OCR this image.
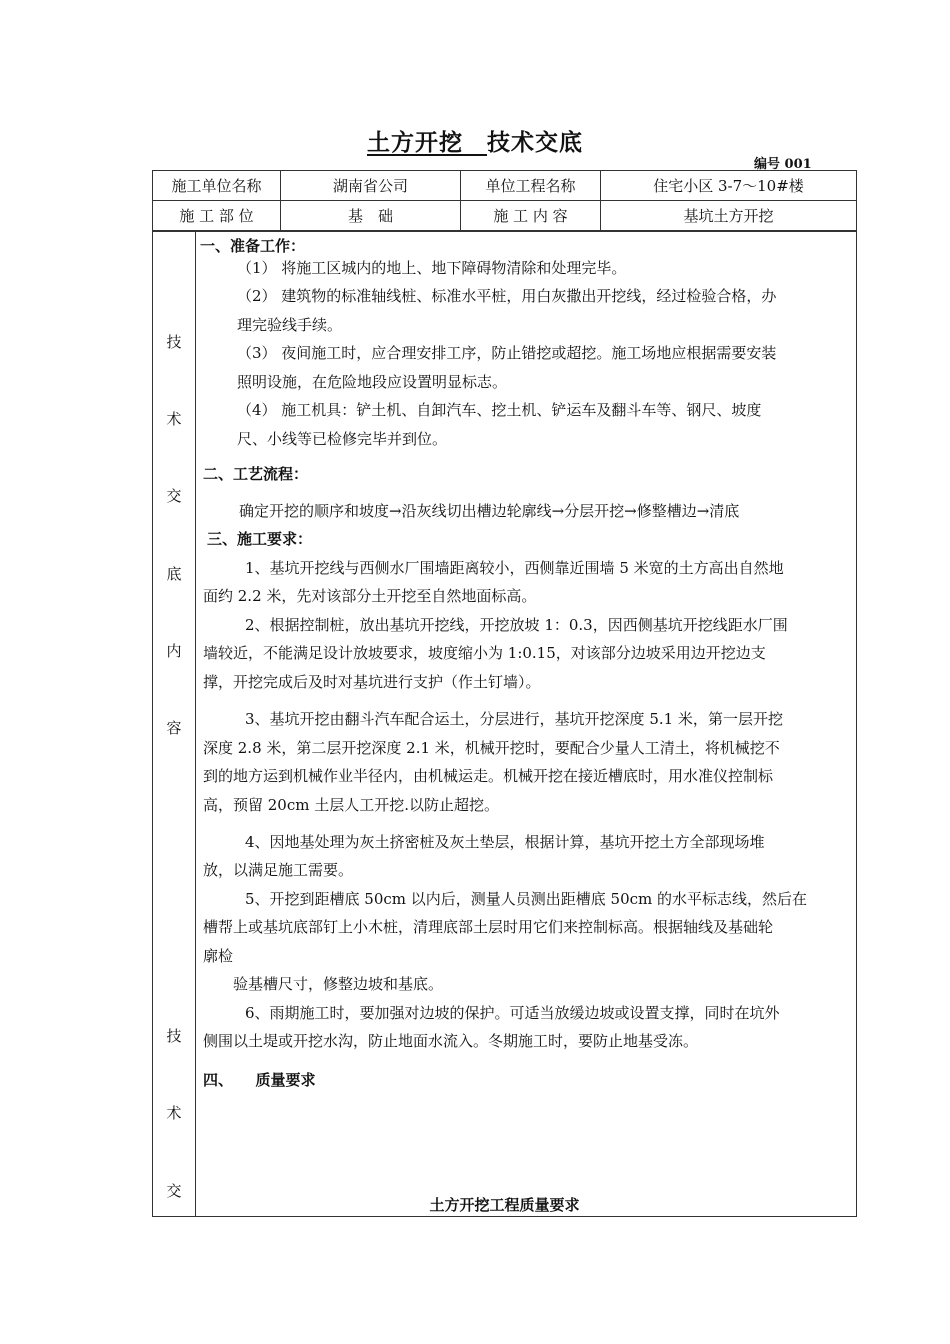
土方开挖　 技术交底
编号 001
施工单位名称	湖南省公司	单位工程名称	住宅小区 3-7～10#楼
施 工 部 位	基　础	施 工 内 容	基坑土方开挖
技
术
交
底
内
容
技
术
交
一、准备工作：
（1） 将施工区城内的地上、地下障碍物清除和处理完毕。
（2） 建筑物的标准轴线桩、标准水平桩，用白灰撒出开挖线，经过检验合格，办
理完验线手续。
（3） 夜间施工时，应合理安排工序，防止错挖或超挖。施工场地应根据需要安装
照明设施，在危险地段应设置明显标志。
（4） 施工机具：铲土机、自卸汽车、挖土机、铲运车及翻斗车等、钢尺、坡度
尺、小线等已检修完毕并到位。
二、工艺流程：
确定开挖的顺序和坡度→沿灰线切出槽边轮廓线→分层开挖→修整槽边→清底
三、施工要求：
1、基坑开挖线与西侧水厂围墙距离较小，西侧靠近围墙 5 米宽的土方高出自然地
面约 2.2 米，先对该部分土开挖至自然地面标高。
2、根据控制桩，放出基坑开挖线，开挖放坡 1：0.3，因西侧基坑开挖线距水厂围
墙较近，不能满足设计放坡要求，坡度缩小为 1:0.15，对该部分边坡采用边开挖边支
撑，开挖完成后及时对基坑进行支护（作土钉墙）。
3、基坑开挖由翻斗汽车配合运土，分层进行，基坑开挖深度 5.1 米，第一层开挖
深度 2.8 米，第二层开挖深度 2.1 米，机械开挖时，要配合少量人工清土，将机械挖不
到的地方运到机械作业半径内，由机械运走。机械开挖在接近槽底时，用水准仪控制标
高，预留 20cm 土层人工开挖.以防止超挖。
4、因地基处理为灰土挤密桩及灰土垫层，根据计算，基坑开挖土方全部现场堆
放，以满足施工需要。
5、开挖到距槽底 50cm 以内后，测量人员测出距槽底 50cm 的水平标志线，然后在
槽帮上或基坑底部钉上小木桩，清理底部土层时用它们来控制标高。根据轴线及基础轮
廓检
验基槽尺寸，修整边坡和基底。
6、雨期施工时，要加强对边坡的保护。可适当放缓边坡或设置支撑，同时在坑外
侧围以土堤或开挖水沟，防止地面水流入。冬期施工时，要防止地基受冻。
四、　　质量要求
土方开挖工程质量要求
